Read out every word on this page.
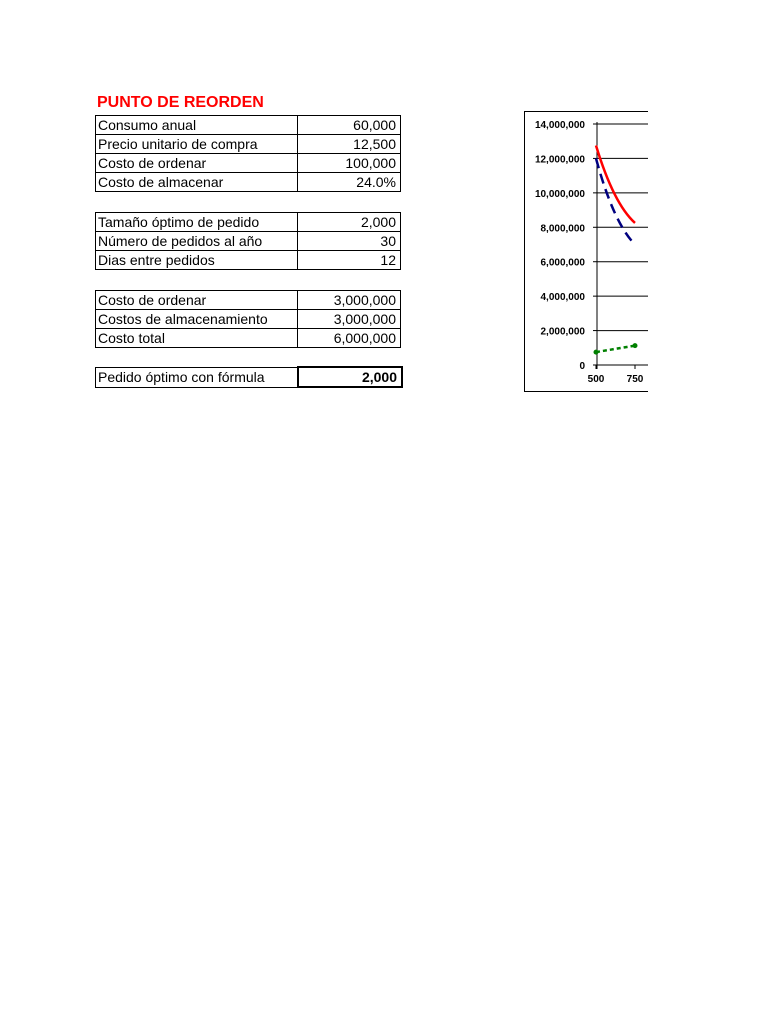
PUNTO DE REORDEN
Consumo anual	60,000
Precio unitario de compra	12,500
Costo de ordenar	100,000
Costo de almacenar	24.0%
Tamaño óptimo de pedido	2,000
Número de pedidos al año	30
Dias entre pedidos	12
Costo de ordenar	3,000,000
Costos de almacenamiento	3,000,000
Costo total	6,000,000
Pedido óptimo con fórmula	2,000
0
2,000,000
4,000,000
6,000,000
8,000,000
10,000,000
12,000,000
14,000,000
500 750
